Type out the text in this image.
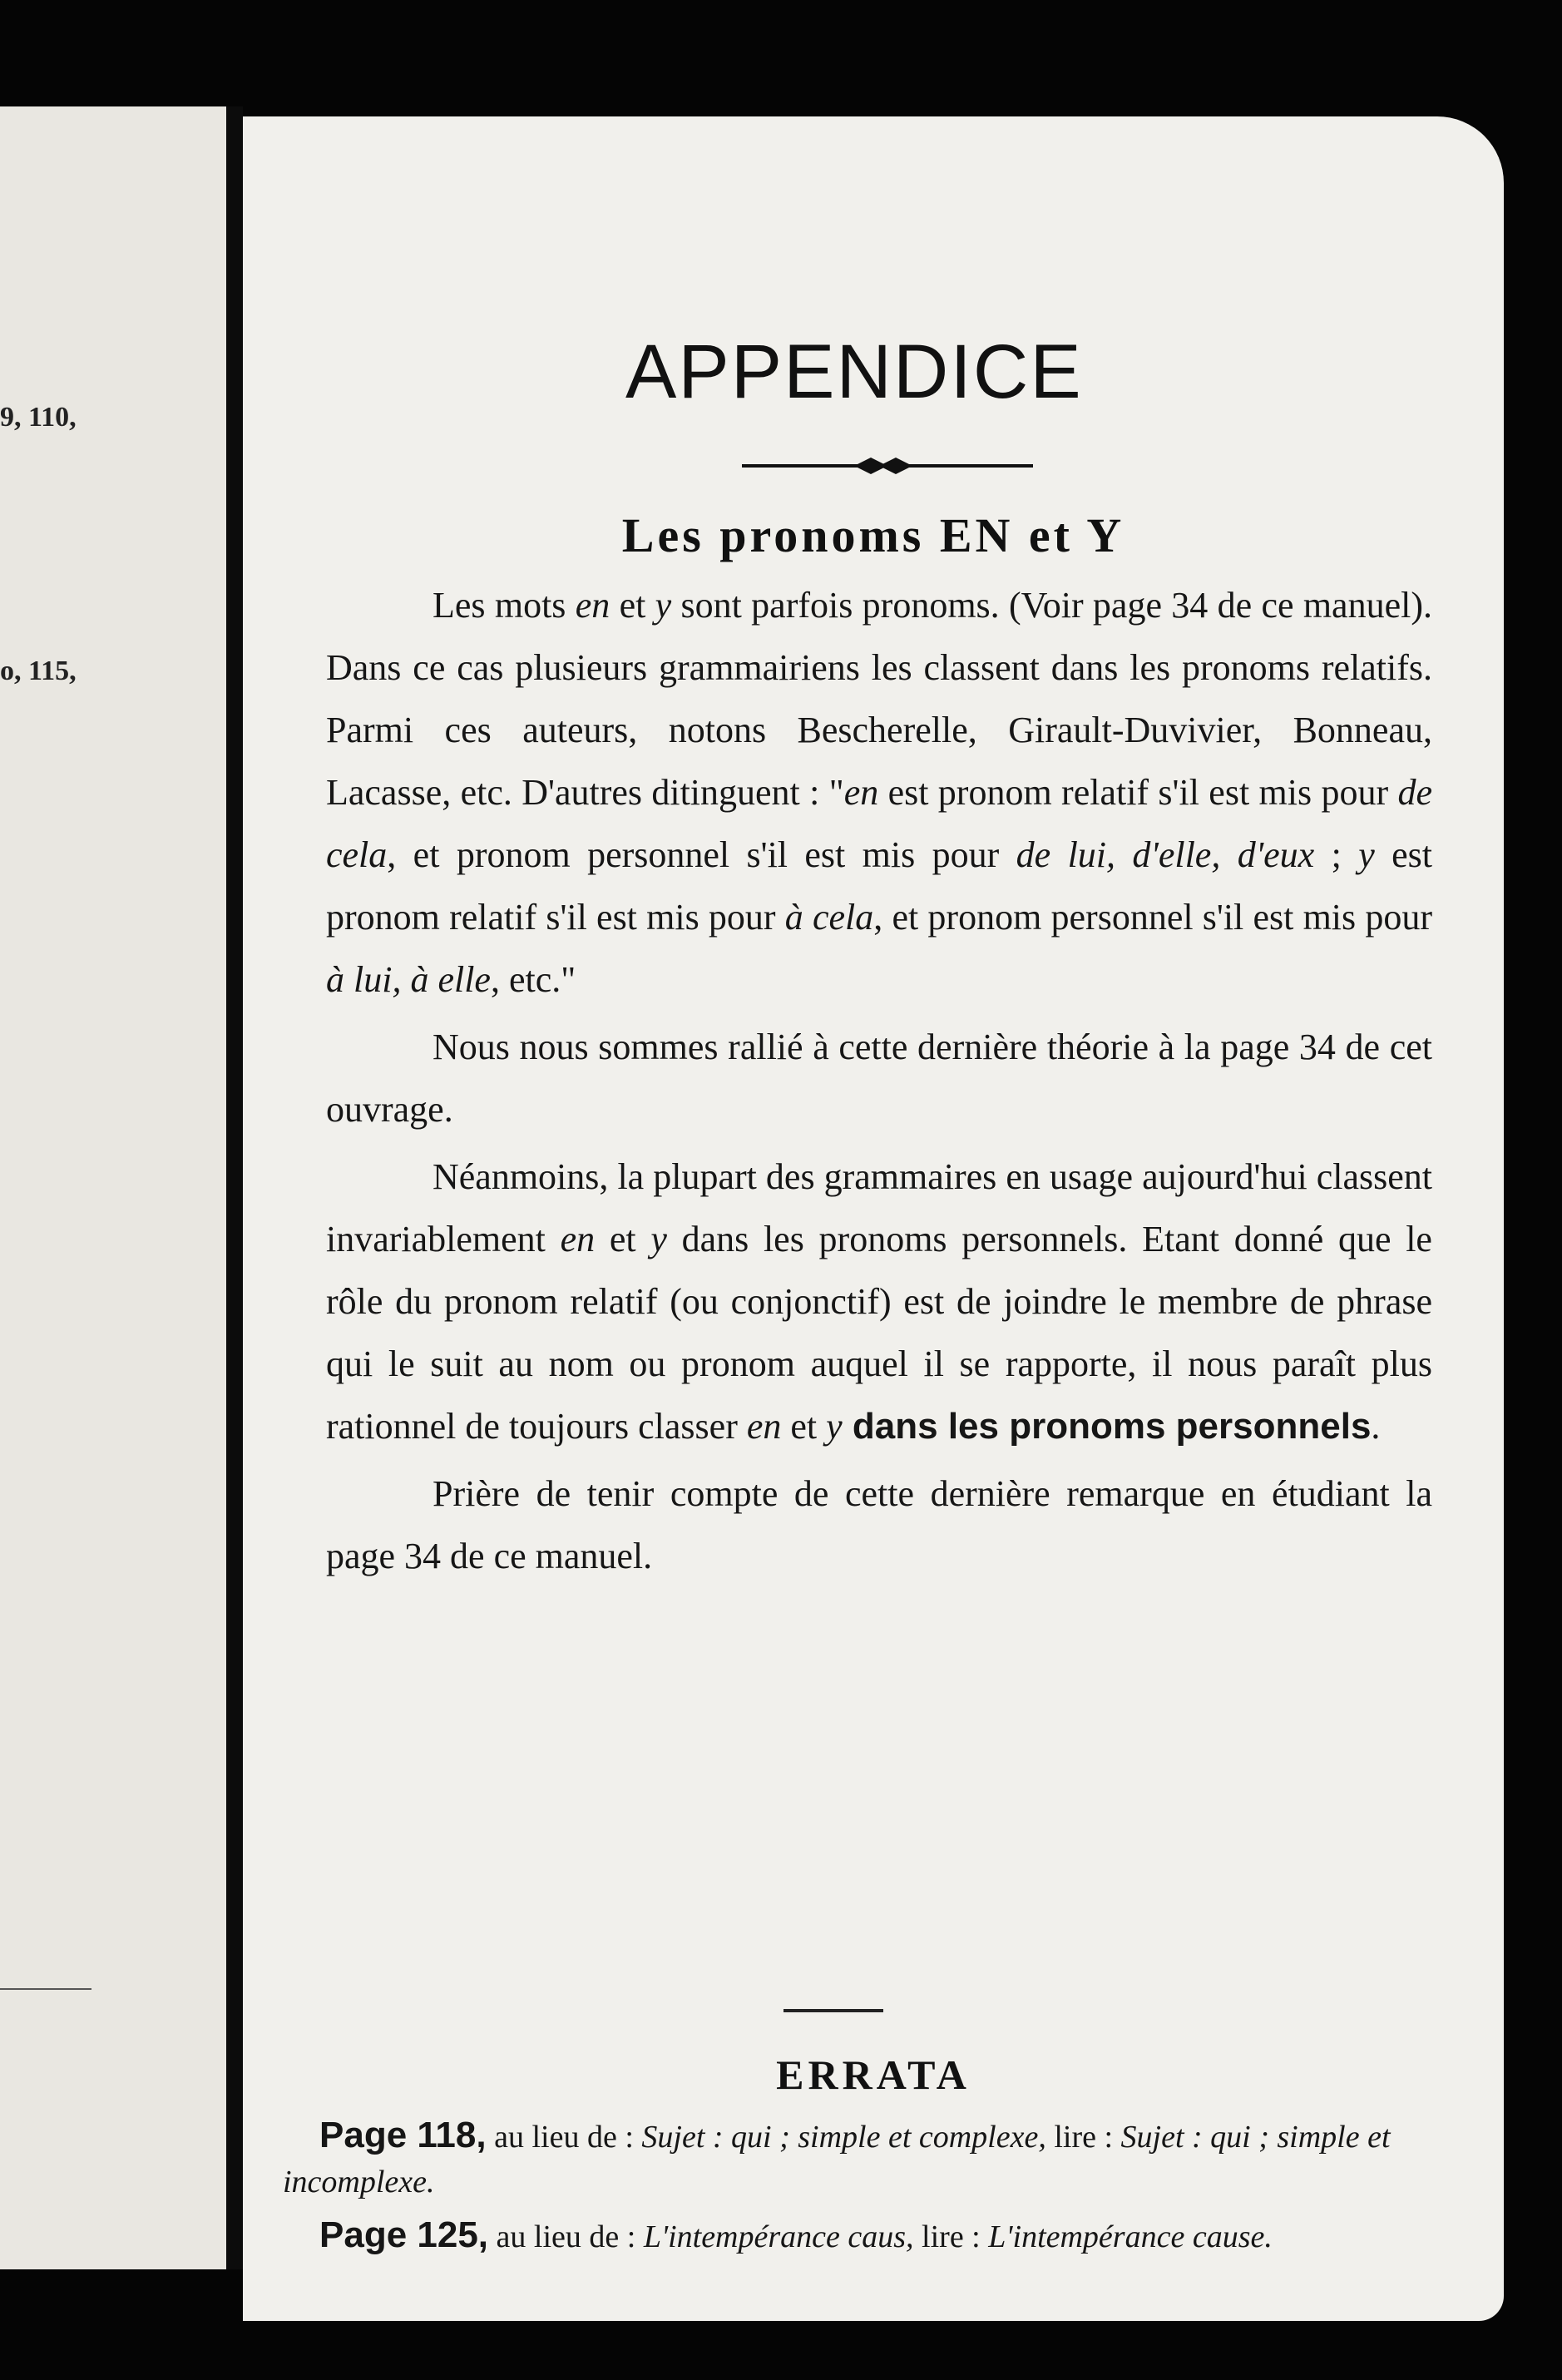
9, 110,
o, 115,
APPENDICE
Les pronoms EN et Y

Les mots en et y sont parfois pronoms. (Voir page 34 de ce manuel). Dans ce cas plusieurs grammairiens les classent dans les pronoms relatifs. Parmi ces auteurs, notons Bescherelle, Girault-Duvivier, Bonneau, Lacasse, etc. D'autres ditinguent : "en est pronom relatif s'il est mis pour de cela, et pronom personnel s'il est mis pour de lui, d'elle, d'eux ; y est pronom relatif s'il est mis pour à cela, et pronom personnel s'il est mis pour à lui, à elle, etc."

Nous nous sommes rallié à cette dernière théorie à la page 34 de cet ouvrage.

Néanmoins, la plupart des grammaires en usage aujourd'hui classent invariablement en et y dans les pronoms personnels. Etant donné que le rôle du pronom relatif (ou conjonctif) est de joindre le membre de phrase qui le suit au nom ou pronom auquel il se rapporte, il nous paraît plus rationnel de toujours classer en et y dans les pronoms personnels.

Prière de tenir compte de cette dernière remarque en étudiant la page 34 de ce manuel.

ERRATA

Page 118, au lieu de : Sujet : qui ; simple et complexe, lire : Sujet : qui ; simple et incomplexe.

Page 125, au lieu de : L'intempérance caus, lire : L'intempérance cause.
